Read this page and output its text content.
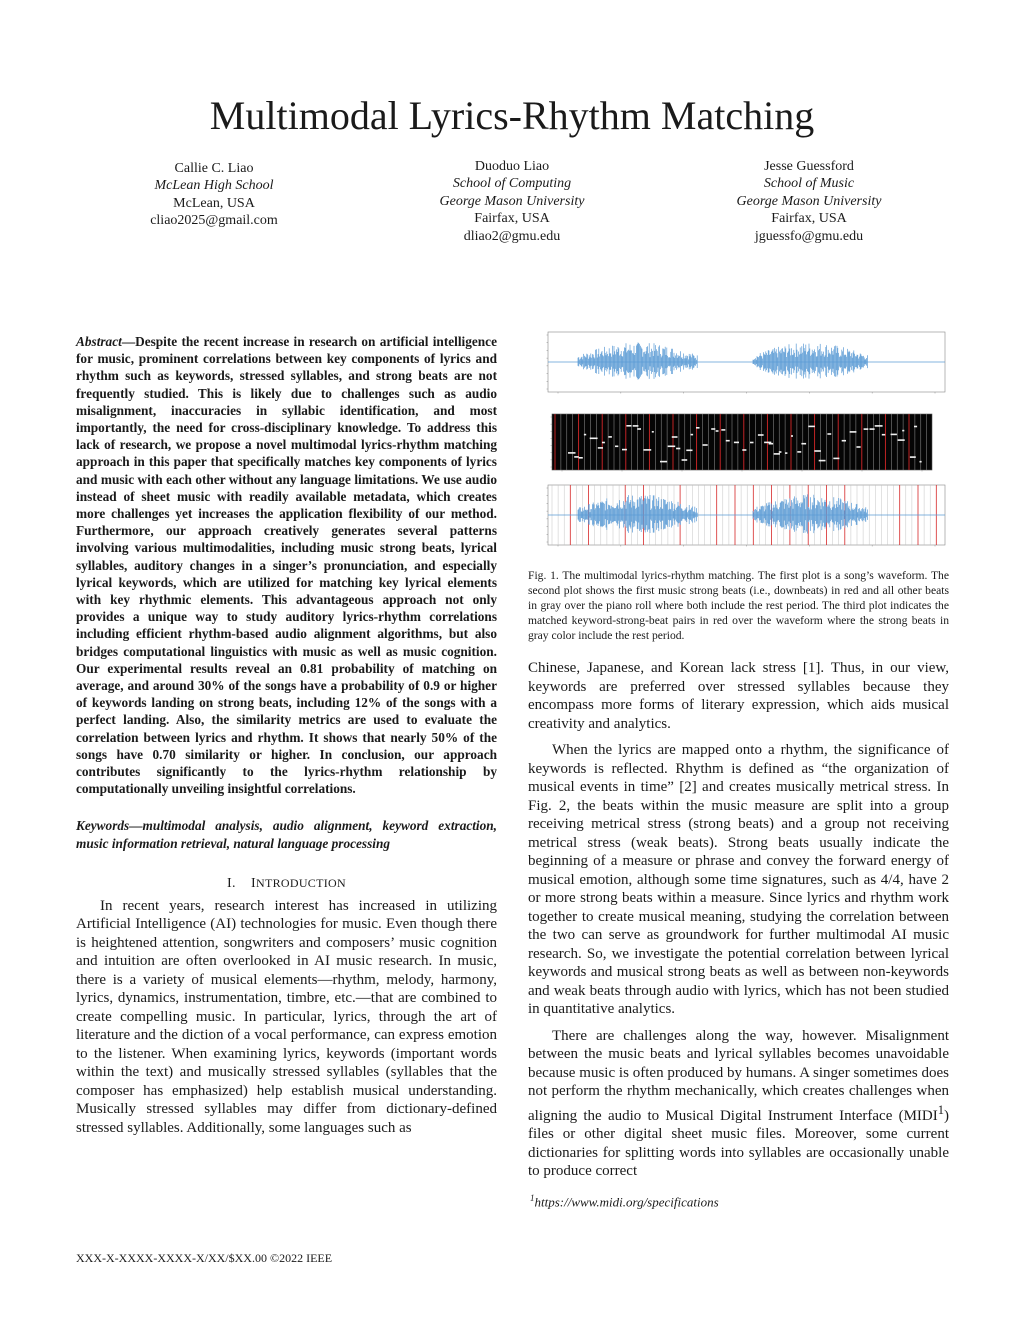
Multimodal Lyrics-Rhythm Matching
Callie C. Liao
McLean High School
McLean, USA
cliao2025@gmail.com
Duoduo Liao
School of Computing
George Mason University
Fairfax, USA
dliao2@gmu.edu
Jesse Guessford
School of Music
George Mason University
Fairfax, USA
jguessfo@gmu.edu

Abstract—Despite the recent increase in research on artificial intelligence for music, prominent correlations between key components of lyrics and rhythm such as keywords, stressed syllables, and strong beats are not frequently studied. This is likely due to challenges such as audio misalignment, inaccuracies in syllabic identification, and most importantly, the need for cross-disciplinary knowledge. To address this lack of research, we propose a novel multimodal lyrics-rhythm matching approach in this paper that specifically matches key components of lyrics and music with each other without any language limitations. We use audio instead of sheet music with readily available metadata, which creates more challenges yet increases the application flexibility of our method. Furthermore, our approach creatively generates several patterns involving various multimodalities, including music strong beats, lyrical syllables, auditory changes in a singer’s pronunciation, and especially lyrical keywords, which are utilized for matching key lyrical elements with key rhythmic elements. This advantageous approach not only provides a unique way to study auditory lyrics-rhythm correlations including efficient rhythm-based audio alignment algorithms, but also bridges computational linguistics with music as well as music cognition. Our experimental results reveal an 0.81 probability of matching on average, and around 30% of the songs have a probability of 0.9 or higher of keywords landing on strong beats, including 12% of the songs with a perfect landing. Also, the similarity metrics are used to evaluate the correlation between lyrics and rhythm. It shows that nearly 50% of the songs have 0.70 similarity or higher. In conclusion, our approach contributes significantly to the lyrics-rhythm relationship by computationally unveiling insightful correlations.

Keywords—multimodal analysis, audio alignment, keyword extraction, music information retrieval, natural language processing

I. INTRODUCTION

In recent years, research interest has increased in utilizing Artificial Intelligence (AI) technologies for music. Even though there is heightened attention, songwriters and composers’ music cognition and intuition are often overlooked in AI music research. In music, there is a variety of musical elements—rhythm, melody, harmony, lyrics, dynamics, instrumentation, timbre, etc.—that are combined to create compelling music. In particular, lyrics, through the art of literature and the diction of a vocal performance, can express emotion to the listener. When examining lyrics, keywords (important words within the text) and musically stressed syllables (syllables that the composer has emphasized) help establish musical understanding. Musically stressed syllables may differ from dictionary-defined stressed syllables. Additionally, some languages such as

Fig. 1. The multimodal lyrics-rhythm matching. The first plot is a song’s waveform. The second plot shows the first music strong beats (i.e., downbeats) in red and all other beats in gray over the piano roll where both include the rest period. The third plot indicates the matched keyword-strong-beat pairs in red over the waveform where the strong beats in gray color include the rest period.

Chinese, Japanese, and Korean lack stress [1]. Thus, in our view, keywords are preferred over stressed syllables because they encompass more forms of literary expression, which aids musical creativity and analytics.

When the lyrics are mapped onto a rhythm, the significance of keywords is reflected. Rhythm is defined as “the organization of musical events in time” [2] and creates musically metrical stress. In Fig. 2, the beats within the music measure are split into a group receiving metrical stress (strong beats) and a group not receiving metrical stress (weak beats). Strong beats usually indicate the beginning of a measure or phrase and convey the forward energy of musical emotion, although some time signatures, such as 4/4, have 2 or more strong beats within a measure. Since lyrics and rhythm work together to create musical meaning, studying the correlation between the two can serve as groundwork for further multimodal AI music research. So, we investigate the potential correlation between lyrical keywords and musical strong beats as well as between non-keywords and weak beats through audio with lyrics, which has not been studied in quantitative analytics.

There are challenges along the way, however. Misalignment between the music beats and lyrical syllables becomes unavoidable because music is often produced by humans. A singer sometimes does not perform the rhythm mechanically, which creates challenges when aligning the audio to Musical Digital Instrument Interface (MIDI$^1$) files or other digital sheet music files. Moreover, some current dictionaries for splitting words into syllables are occasionally unable to produce correct

$^1$https://www.midi.org/specifications
XXX-X-XXXX-XXXX-X/XX/$XX.00 ©2022 IEEE
